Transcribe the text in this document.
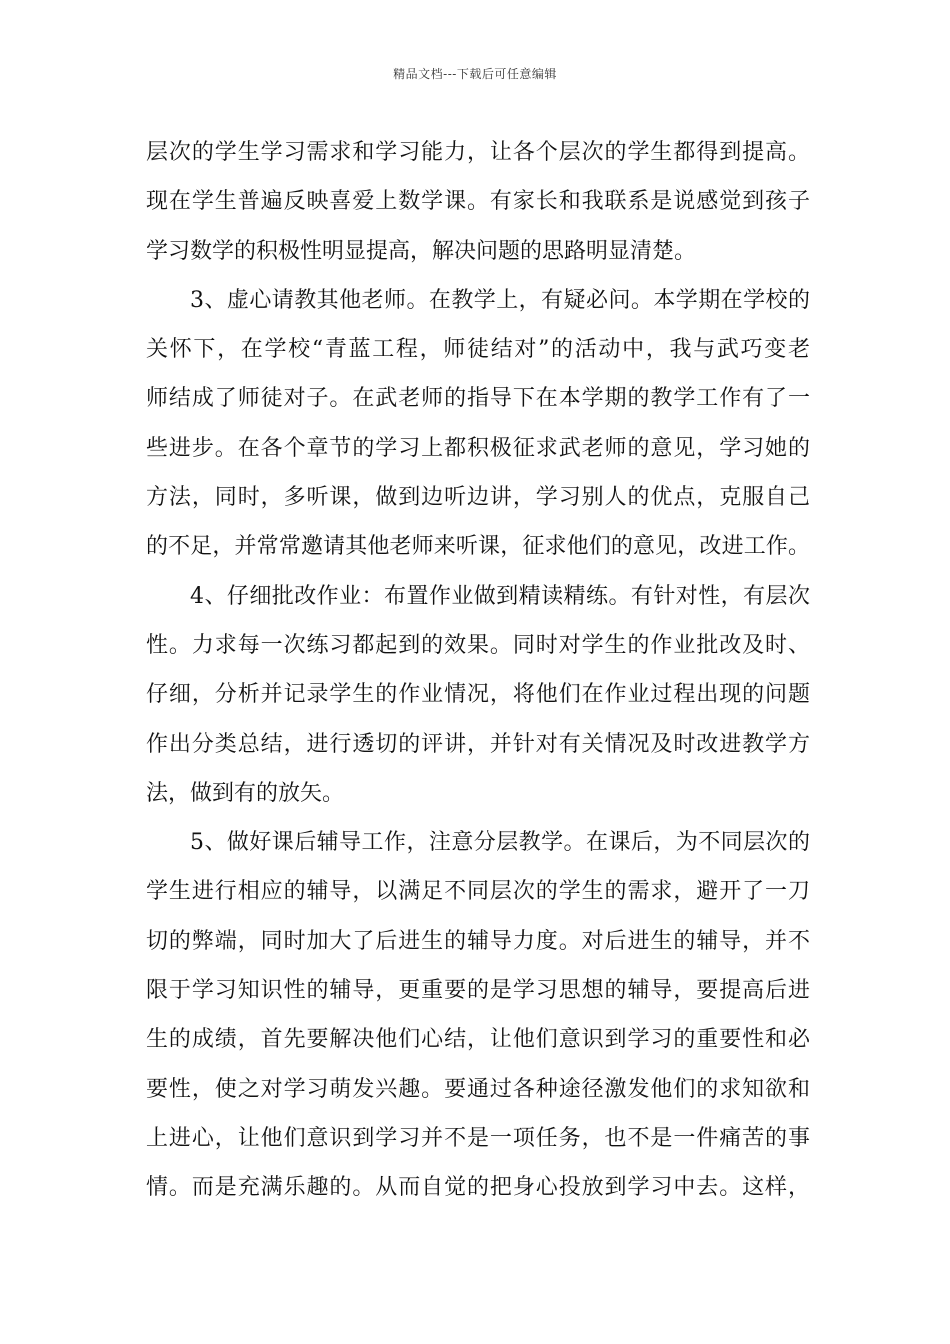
精品文档---下载后可任意编辑
层次的学生学习需求和学习能力，让各个层次的学生都得到提高。
现在学生普遍反映喜爱上数学课。有家长和我联系是说感觉到孩子
学习数学的积极性明显提高，解决问题的思路明显清楚。
3、虚心请教其他老师。在教学上，有疑必问。本学期在学校的
关怀下，在学校“青蓝工程，师徒结对”的活动中，我与武巧变老
师结成了师徒对子。在武老师的指导下在本学期的教学工作有了一
些进步。在各个章节的学习上都积极征求武老师的意见，学习她的
方法，同时，多听课，做到边听边讲，学习别人的优点，克服自己
的不足，并常常邀请其他老师来听课，征求他们的意见，改进工作。
4、仔细批改作业：布置作业做到精读精练。有针对性，有层次
性。力求每一次练习都起到的效果。同时对学生的作业批改及时、
仔细，分析并记录学生的作业情况，将他们在作业过程出现的问题
作出分类总结，进行透切的评讲，并针对有关情况及时改进教学方
法，做到有的放矢。
5、做好课后辅导工作，注意分层教学。在课后，为不同层次的
学生进行相应的辅导，以满足不同层次的学生的需求，避开了一刀
切的弊端，同时加大了后进生的辅导力度。对后进生的辅导，并不
限于学习知识性的辅导，更重要的是学习思想的辅导，要提高后进
生的成绩，首先要解决他们心结，让他们意识到学习的重要性和必
要性，使之对学习萌发兴趣。要通过各种途径激发他们的求知欲和
上进心，让他们意识到学习并不是一项任务，也不是一件痛苦的事
情。而是充满乐趣的。从而自觉的把身心投放到学习中去。这样，
